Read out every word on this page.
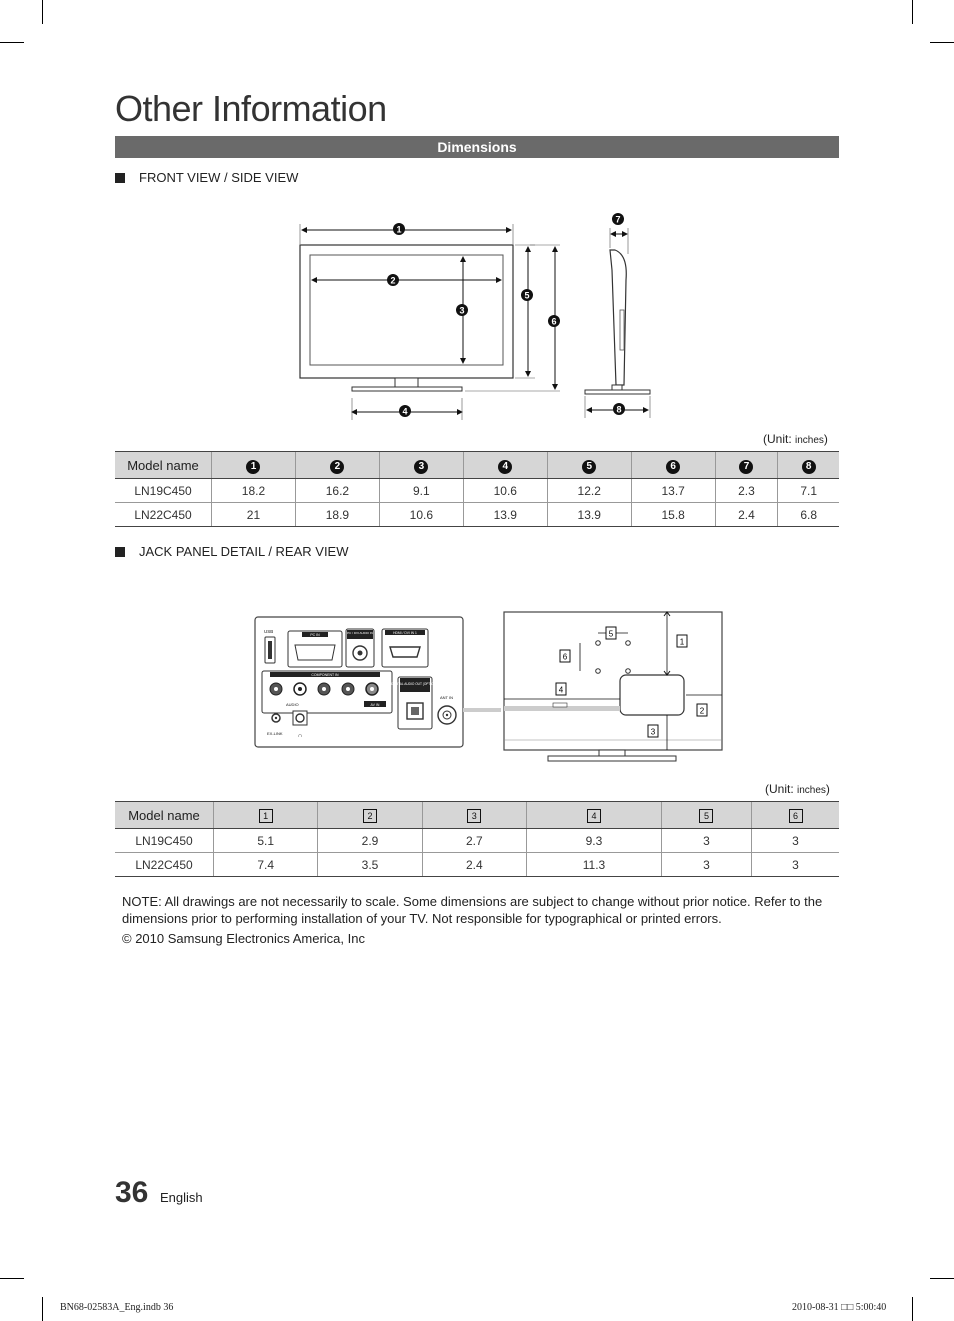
Other Information
Dimensions
FRONT VIEW / SIDE VIEW
1
2
3
4
5
6
7
8
(Unit: inches)
Model name	1	2	3	4	5	6	7	8
LN19C450	18.2	16.2	9.1	10.6	12.2	13.7	2.3	7.1
LN22C450	21	18.9	10.6	13.9	13.9	15.8	2.4	6.8
JACK PANEL DETAIL / REAR VIEW
USB
PC IN	PC / DVI AUDIO IN	HDMI / DVI IN 1
COMPONENT IN
AUDIO	AV IN
DIGITAL AUDIO OUT (OPTICAL)
ANT IN
EX-LINK	∩
1
2
3
4
5
6
(Unit: inches)
Model name	1	2	3	4	5	6
LN19C450	5.1	2.9	2.7	9.3	3	3
LN22C450	7.4	3.5	2.4	11.3	3	3
NOTE: All drawings are not necessarily to scale. Some dimensions are subject to change without prior notice. Refer to the dimensions prior to performing installation of your TV. Not responsible for typographical or printed errors.
© 2010 Samsung Electronics America, Inc
36 English
BN68-02583A_Eng.indb 36	2010-08-31 □□ 5:00:40
